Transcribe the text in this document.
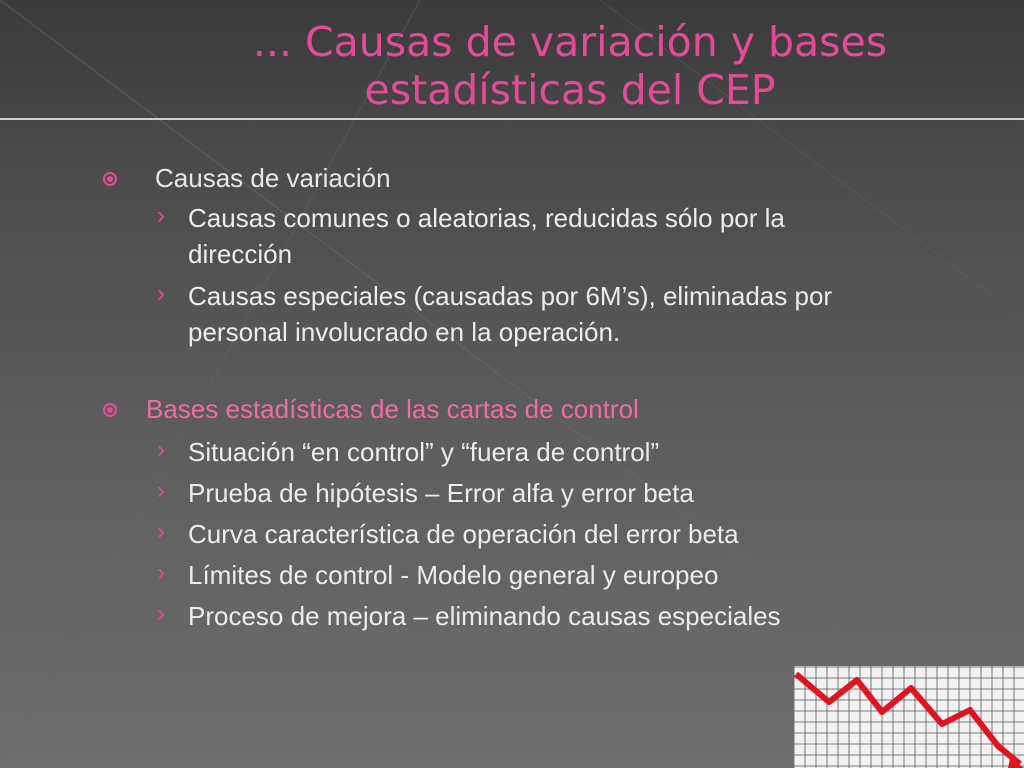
... Causas de variación y bases estadísticas del CEP

Causas de variación

› Causas comunes o aleatorias, reducidas sólo por la dirección

› Causas especiales (causadas por 6M’s), eliminadas por personal involucrado en la operación.

Bases estadísticas de las cartas de control

› Situación “en control” y “fuera de control”

› Prueba de hipótesis – Error alfa y error beta

› Curva característica de operación del error beta

› Límites de control - Modelo general y europeo

› Proceso de mejora – eliminando causas especiales
